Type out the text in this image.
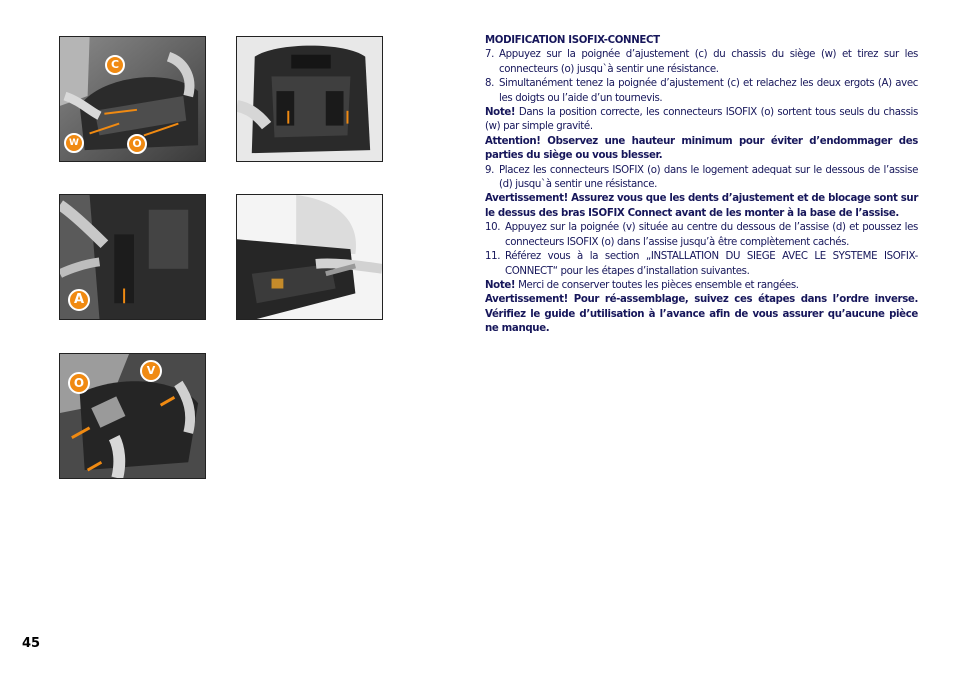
C
W	O
A
O
V

MODIFICATION ISOFIX-CONNECT

7. Appuyez sur la poignée d’ajustement (c) du chassis du siège (w) et tirez sur les connecteurs (o) jusqu`à sentir une résistance.
8. Simultanément tenez la poignée d’ajustement (c) et relachez les deux ergots (A) avec les doigts ou l’aide d’un tournevis.

Note! Dans la position correcte, les connecteurs ISOFIX (o) sortent tous seuls du chassis (w) par simple gravité.

Attention! Observez une hauteur minimum pour éviter d’endommager des parties du siège ou vous blesser.

9. Placez les connecteurs ISOFIX (o) dans le logement adequat sur le dessous de l’assise (d) jusqu`à sentir une résistance.

Avertissement! Assurez vous que les dents d’ajustement et de blocage sont sur le dessus des bras ISOFIX Connect avant de les monter à la base de l’assise.

10. Appuyez sur la poignée (v) située au centre du dessous de l’assise (d) et poussez les connecteurs ISOFIX (o) dans l’assise jusqu’à être complètement cachés.
11. Référez vous à la section „INSTALLATION DU SIEGE AVEC LE SYSTEME ISOFIX-CONNECT“ pour les étapes d’installation suivantes.

Note! Merci de conserver toutes les pièces ensemble et rangées.

Avertissement! Pour ré-assemblage, suivez ces étapes dans l’ordre inverse. Vérifiez le guide d’utilisation à l’avance afin de vous assurer qu’aucune pièce ne manque.

45
